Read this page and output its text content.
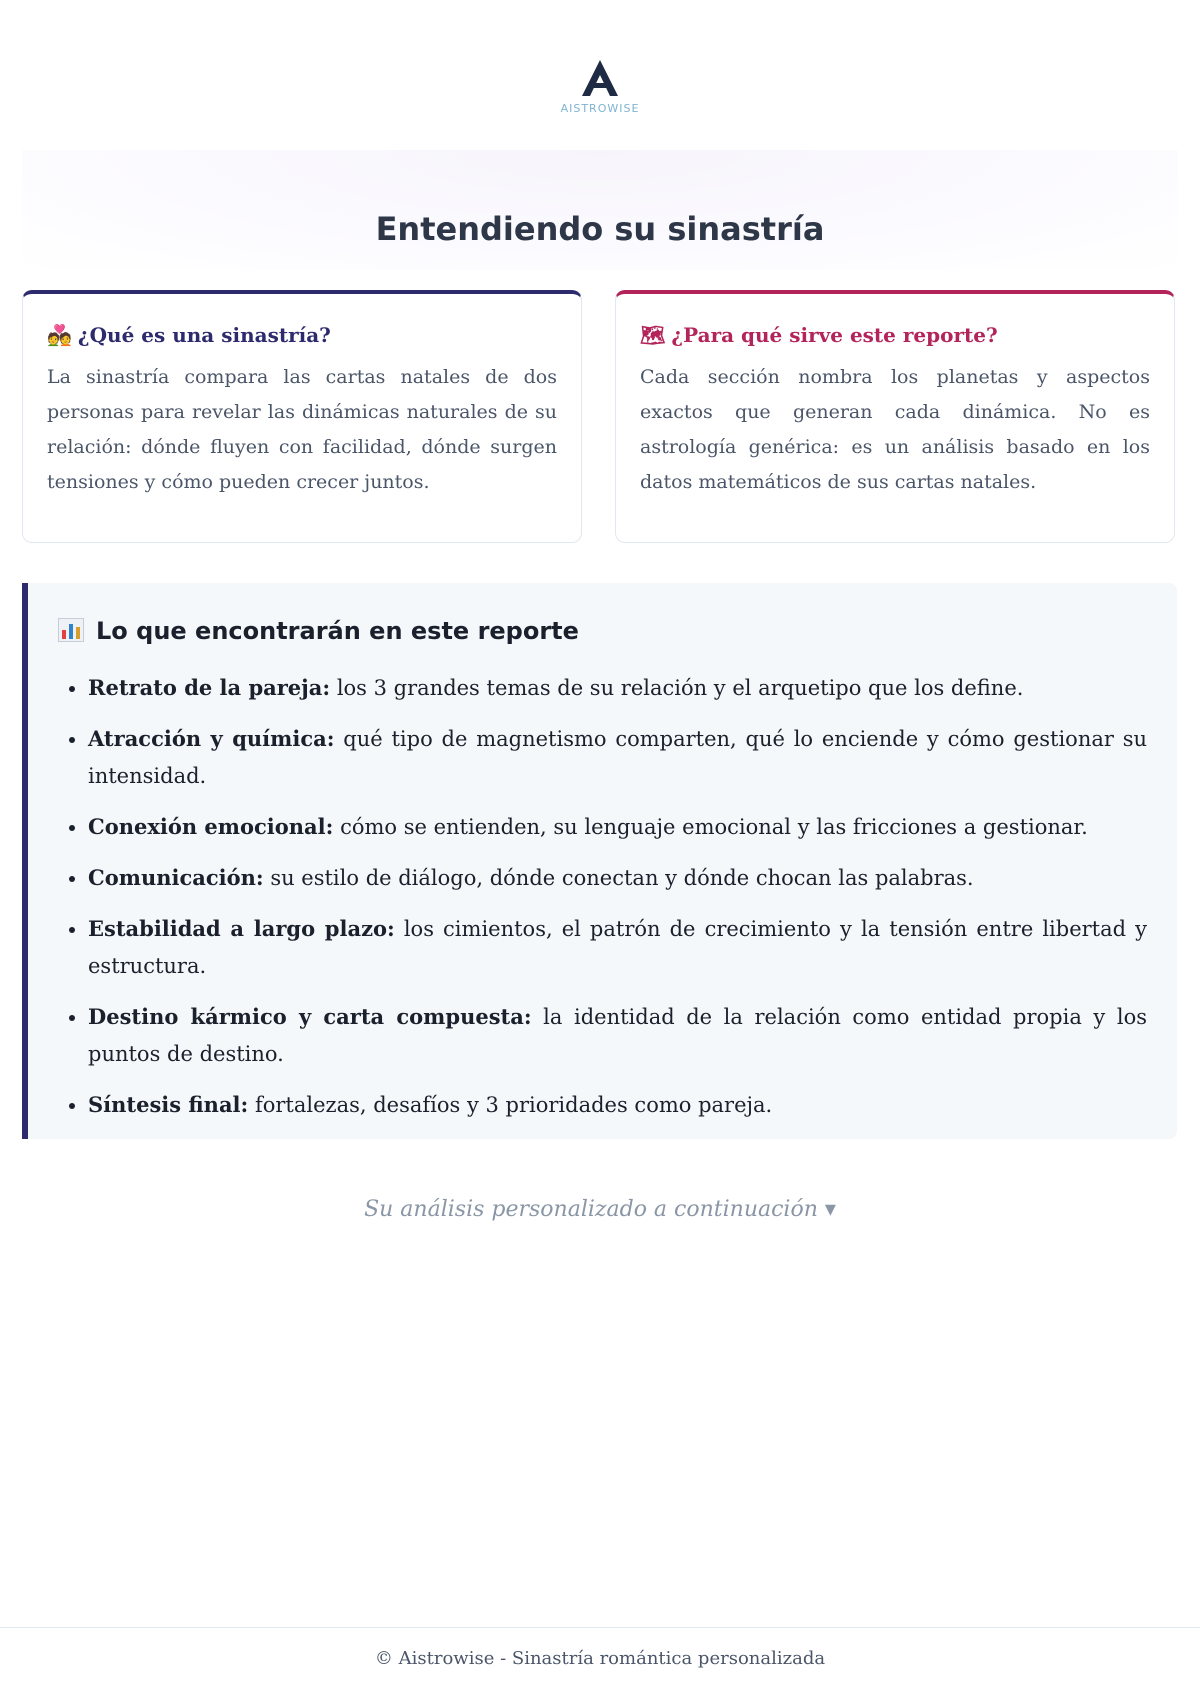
AISTROWISE
Entendiendo su sinastría

💑 ¿Qué es una sinastría?

La sinastría compara las cartas natales de dos personas para revelar las dinámicas naturales de su relación: dónde fluyen con facilidad, dónde surgen tensiones y cómo pueden crecer juntos.

🗺 ¿Para qué sirve este reporte?

Cada sección nombra los planetas y aspectos exactos que generan cada dinámica. No es astrología genérica: es un análisis basado en los datos matemáticos de sus cartas natales.

Lo que encontrarán en este reporte
• Retrato de la pareja: los 3 grandes temas de su relación y el arquetipo que los define.
• Atracción y química: qué tipo de magnetismo comparten, qué lo enciende y cómo gestionar su intensidad.
• Conexión emocional: cómo se entienden, su lenguaje emocional y las fricciones a gestionar.
• Comunicación: su estilo de diálogo, dónde conectan y dónde chocan las palabras.
• Estabilidad a largo plazo: los cimientos, el patrón de crecimiento y la tensión entre libertad y estructura.
• Destino kármico y carta compuesta: la identidad de la relación como entidad propia y los puntos de destino.
• Síntesis final: fortalezas, desafíos y 3 prioridades como pareja.
Su análisis personalizado a continuación ▾
© Aistrowise - Sinastría romántica personalizada
